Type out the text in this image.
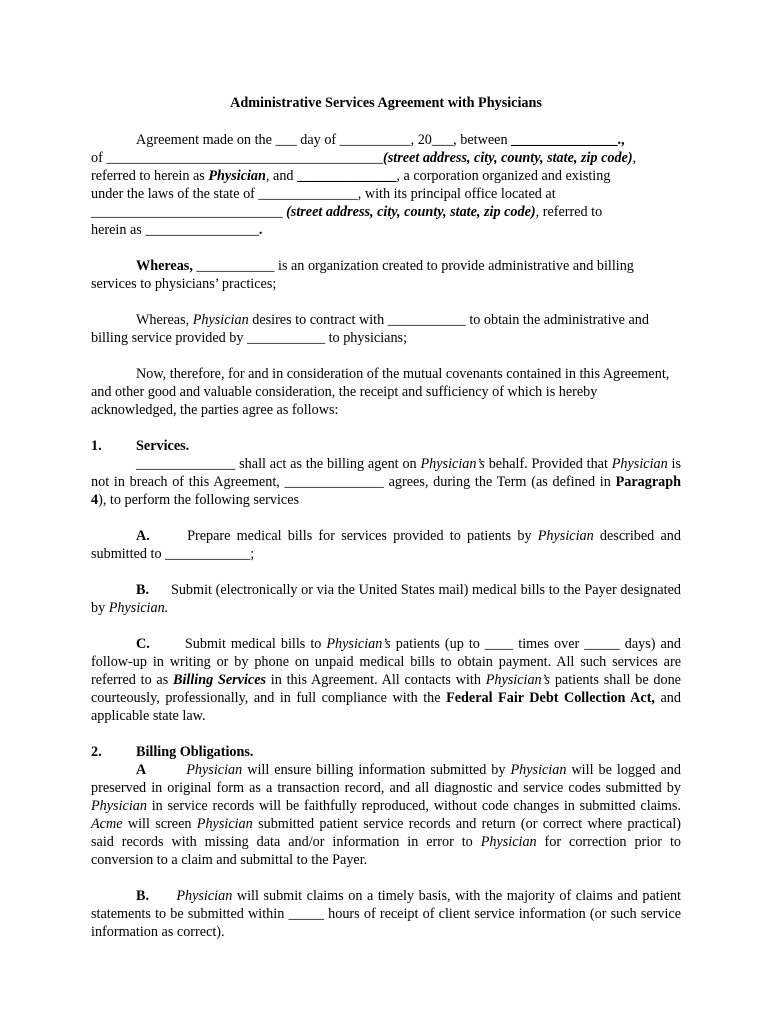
Administrative Services Agreement with Physicians

Agreement made on the ___ day of __________, 20___, between _______________.,

of _______________________________________(street address, city, county, state, zip code),

referred to herein as Physician, and ______________, a corporation organized and existing

under the laws of the state of ______________, with its principal office located at

___________________________ (street address, city, county, state, zip code), referred to

herein as ________________.

Whereas, ___________ is an organization created to provide administrative and billing services to physicians’ practices;

Whereas, Physician desires to contract with ___________ to obtain the administrative and billing service provided by ___________ to physicians;

Now, therefore, for and in consideration of the mutual covenants contained in this Agreement, and other good and valuable consideration, the receipt and sufficiency of which is hereby acknowledged, the parties agree as follows:

1.	Services.

______________ shall act as the billing agent on Physician’s behalf. Provided that Physician is not in breach of this Agreement, ______________ agrees, during the Term (as defined in Paragraph 4), to perform the following services

A.	Prepare medical bills for services provided to patients by Physician described and submitted to ____________;

B. Submit (electronically or via the United States mail) medical bills to the Payer designated by Physician.

C. Submit medical bills to Physician’s patients (up to ____ times over _____ days) and follow-up in writing or by phone on unpaid medical bills to obtain payment. All such services are referred to as Billing Services in this Agreement. All contacts with Physician’s patients shall be done courteously, professionally, and in full compliance with the Federal Fair Debt Collection Act, and applicable state law.

2.	Billing Obligations.

A	Physician will ensure billing information submitted by Physician will be logged and preserved in original form as a transaction record, and all diagnostic and service codes submitted by Physician in service records will be faithfully reproduced, without code changes in submitted claims. Acme will screen Physician submitted patient service records and return (or correct where practical) said records with missing data and/or information in error to Physician for correction prior to conversion to a claim and submittal to the Payer.

B. Physician will submit claims on a timely basis, with the majority of claims and patient statements to be submitted within _____ hours of receipt of client service information (or such service information as correct).
